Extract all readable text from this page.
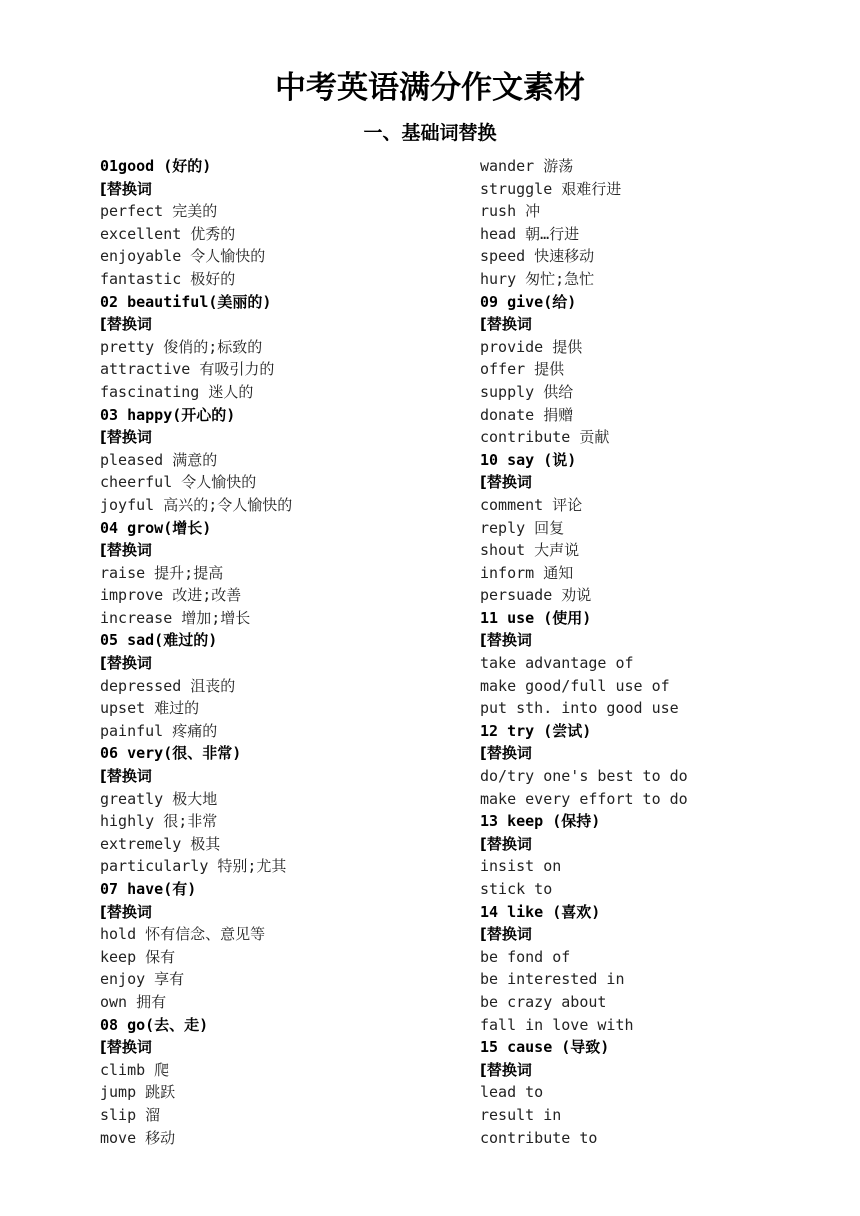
中考英语满分作文素材
一、基础词替换
01good (好的)
[替换词
perfect 完美的
excellent 优秀的
enjoyable 令人愉快的
fantastic 极好的
02 beautiful(美丽的)
[替换词
pretty 俊俏的;标致的
attractive 有吸引力的
fascinating 迷人的
03 happy(开心的)
[替换词
pleased 满意的
cheerful 令人愉快的
joyful 高兴的;令人愉快的
04 grow(增长)
[替换词
raise 提升;提高
improve 改进;改善
increase 增加;增长
05 sad(难过的)
[替换词
depressed 沮丧的
upset 难过的
painful 疼痛的
06 very(很、非常)
[替换词
greatly 极大地
highly 很;非常
extremely 极其
particularly 特别;尤其
07 have(有)
[替换词
hold 怀有信念、意见等
keep 保有
enjoy 享有
own 拥有
08 go(去、走)
[替换词
climb 爬
jump 跳跃
slip 溜
move 移动
wander 游荡
struggle 艰难行进
rush 冲
head 朝…行进
speed 快速移动
hury 匆忙;急忙
09 give(给)
[替换词
provide 提供
offer 提供
supply 供给
donate 捐赠
contribute 贡献
10 say (说)
[替换词
comment 评论
reply 回复
shout 大声说
inform 通知
persuade 劝说
11 use (使用)
[替换词
take advantage of
make good/full use of
put sth. into good use
12 try (尝试)
[替换词
do/try one's best to do
make every effort to do
13 keep (保持)
[替换词
insist on
stick to
14 like (喜欢)
[替换词
be fond of
be interested in
be crazy about
fall in love with
15 cause (导致)
[替换词
lead to
result in
contribute to
